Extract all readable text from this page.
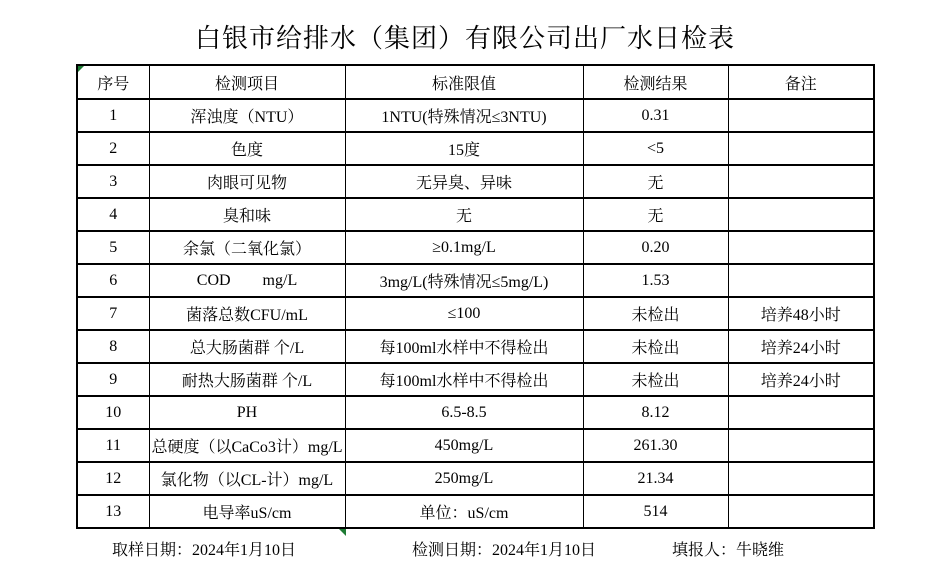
白银市给排水（集团）有限公司出厂水日检表
序号	检测项目	标准限值	检测结果	备注
1	浑浊度（NTU）	1NTU(特殊情况≤3NTU)	0.31	
2	色度	15度	<5	
3	肉眼可见物	无异臭、异味	无	
4	臭和味	无	无	
5	余氯（二氧化氯）	≥0.1mg/L	0.20	
6	COD        mg/L	3mg/L(特殊情况≤5mg/L)	1.53	
7	菌落总数CFU/mL	≤100	未检出	培养48小时
8	总大肠菌群 个/L	每100ml水样中不得检出	未检出	培养24小时
9	耐热大肠菌群 个/L	每100ml水样中不得检出	未检出	培养24小时
10	PH	6.5-8.5	8.12	
11	总硬度（以CaCo3计）mg/L	450mg/L	261.30	
12	氯化物（以CL-计）mg/L	250mg/L	21.34	
13	电导率uS/cm	单位：uS/cm	514	
取样日期：2024年1月10日	检测日期：2024年1月10日	填报人：牛晓维
